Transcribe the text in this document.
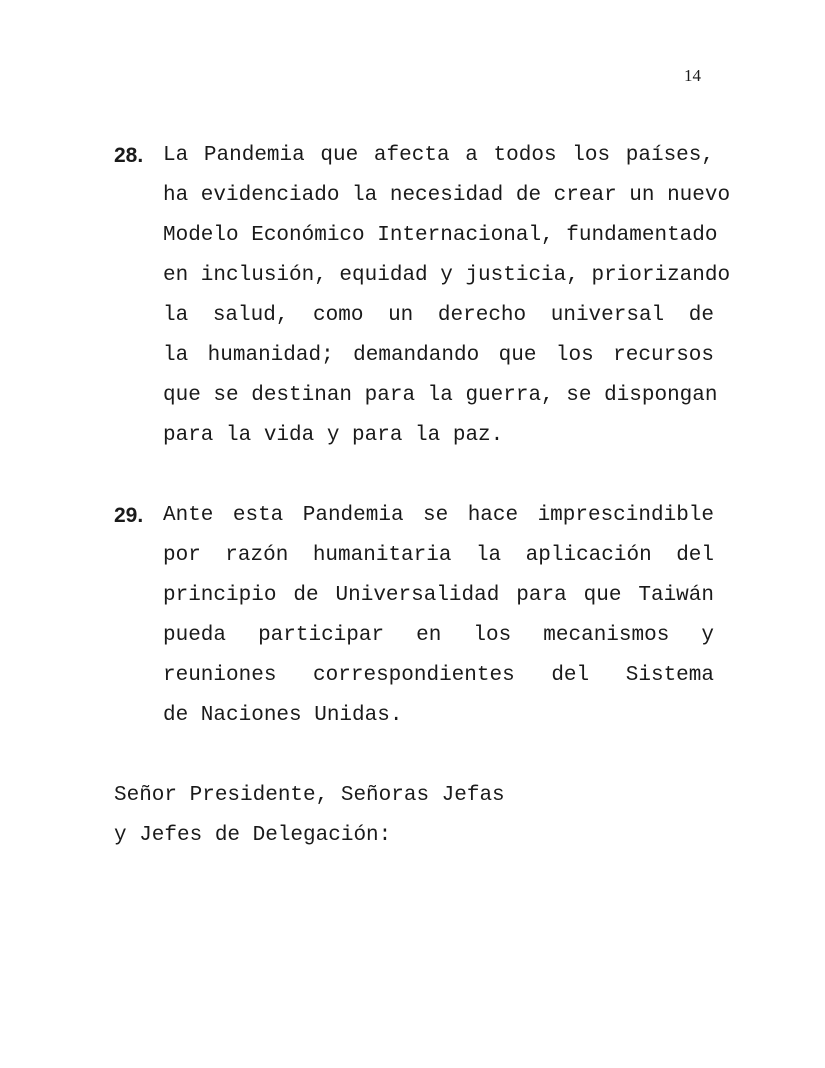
14
28. La Pandemia que afecta a todos los países,
ha evidenciado la necesidad de crear un nuevo
Modelo Económico Internacional, fundamentado
en inclusión, equidad y justicia, priorizando
la salud, como un derecho universal de
la humanidad; demandando que los recursos
que se destinan para la guerra, se dispongan
para la vida y para la paz.
29. Ante esta Pandemia se hace imprescindible
por razón humanitaria la aplicación del
principio de Universalidad para que Taiwán
pueda participar en los mecanismos y
reuniones correspondientes del Sistema
de Naciones Unidas.
Señor Presidente, Señoras Jefas
y Jefes de Delegación:
